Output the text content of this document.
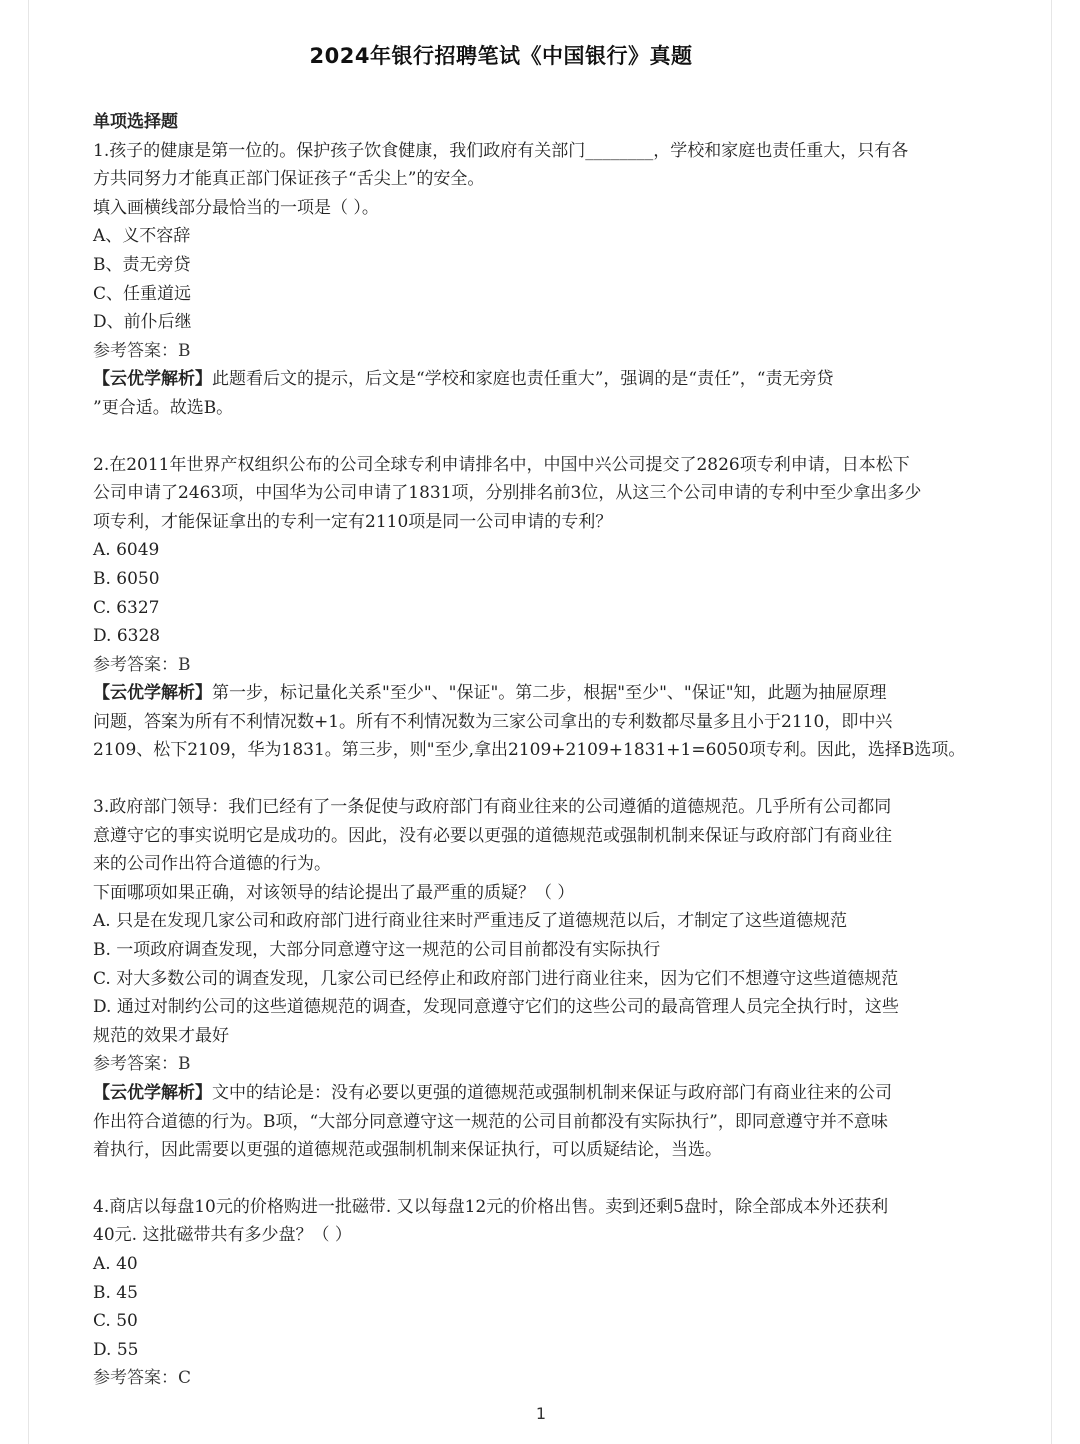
2024年银行招聘笔试《中国银行》真题
单项选择题
1.孩子的健康是第一位的。保护孩子饮食健康，我们政府有关部门________，学校和家庭也责任重大，只有各
方共同努力才能真正部门保证孩子“舌尖上”的安全。
填入画横线部分最恰当的一项是（ ）。
A、义不容辞
B、责无旁贷
C、任重道远
D、前仆后继
参考答案：B
【云优学解析】此题看后文的提示，后文是“学校和家庭也责任重大”，强调的是“责任”，“责无旁贷
”更合适。故选B。
2.在2011年世界产权组织公布的公司全球专利申请排名中，中国中兴公司提交了2826项专利申请，日本松下
公司申请了2463项，中国华为公司申请了1831项，分别排名前3位，从这三个公司申请的专利中至少拿出多少
项专利，才能保证拿出的专利一定有2110项是同一公司申请的专利？
A. 6049
B. 6050
C. 6327
D. 6328
参考答案：B
【云优学解析】第一步，标记量化关系"至少"、"保证"。第二步，根据"至少"、"保证"知，此题为抽屉原理
问题，答案为所有不利情况数+1。所有不利情况数为三家公司拿出的专利数都尽量多且小于2110，即中兴
2109、松下2109，华为1831。第三步，则"至少,拿出2109+2109+1831+1=6050项专利。因此，选择B选项。
3.政府部门领导：我们已经有了一条促使与政府部门有商业往来的公司遵循的道德规范。几乎所有公司都同
意遵守它的事实说明它是成功的。因此，没有必要以更强的道德规范或强制机制来保证与政府部门有商业往
来的公司作出符合道德的行为。
下面哪项如果正确，对该领导的结论提出了最严重的质疑？（ ）
A. 只是在发现几家公司和政府部门进行商业往来时严重违反了道德规范以后，才制定了这些道德规范
B. 一项政府调查发现，大部分同意遵守这一规范的公司目前都没有实际执行
C. 对大多数公司的调查发现，几家公司已经停止和政府部门进行商业往来，因为它们不想遵守这些道德规范
D. 通过对制约公司的这些道德规范的调查，发现同意遵守它们的这些公司的最高管理人员完全执行时，这些
规范的效果才最好
参考答案：B
【云优学解析】文中的结论是：没有必要以更强的道德规范或强制机制来保证与政府部门有商业往来的公司
作出符合道德的行为。B项，“大部分同意遵守这一规范的公司目前都没有实际执行”，即同意遵守并不意味
着执行，因此需要以更强的道德规范或强制机制来保证执行，可以质疑结论，当选。
4.商店以每盘10元的价格购进一批磁带. 又以每盘12元的价格出售。卖到还剩5盘时，除全部成本外还获利
40元. 这批磁带共有多少盘？（ ）
A. 40
B. 45
C. 50
D. 55
参考答案：C
1
